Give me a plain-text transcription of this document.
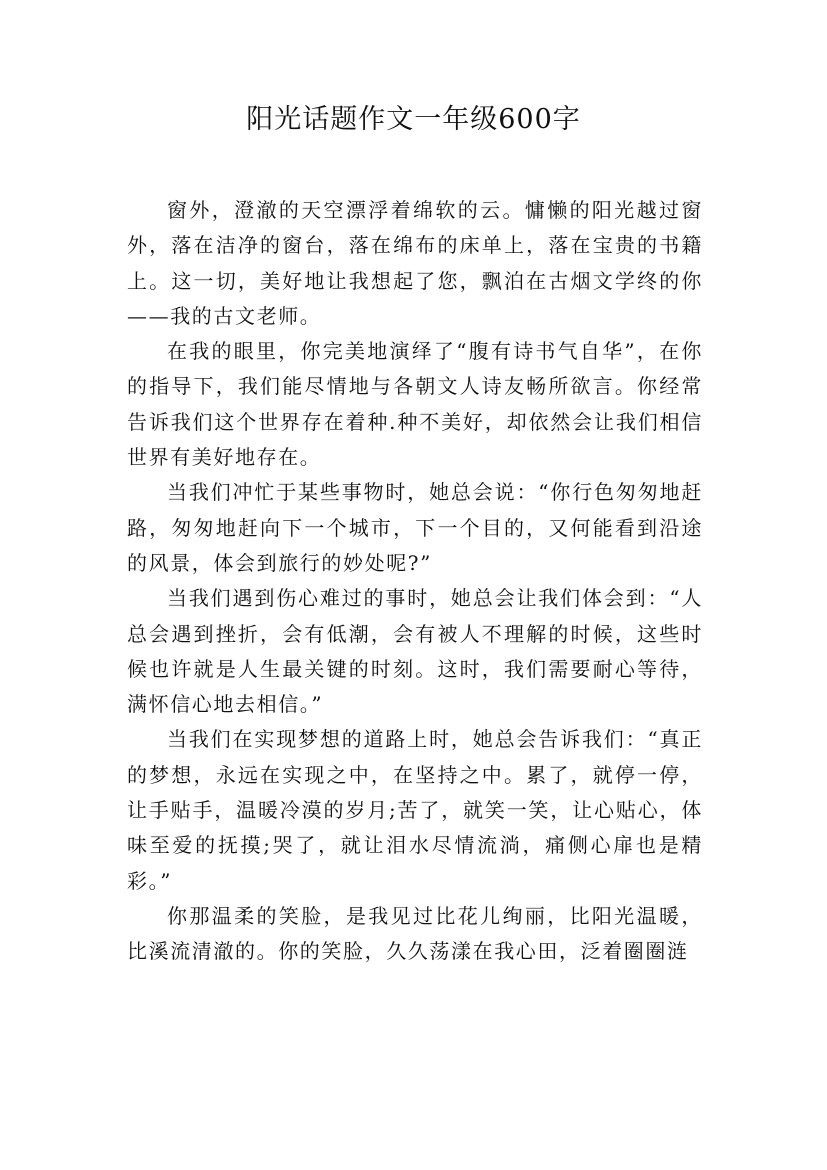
阳光话题作文一年级600字

窗外，澄澈的天空漂浮着绵软的云。慵懒的阳光越过窗外，落在洁净的窗台，落在绵布的床单上，落在宝贵的书籍上。这一切，美好地让我想起了您，飘泊在古烟文学终的你——我的古文老师。

在我的眼里，你完美地演绎了“腹有诗书气自华”，在你的指导下，我们能尽情地与各朝文人诗友畅所欲言。你经常告诉我们这个世界存在着种.种不美好，却依然会让我们相信世界有美好地存在。

当我们冲忙于某些事物时，她总会说：“你行色匆匆地赶路，匆匆地赶向下一个城市，下一个目的，又何能看到沿途的风景，体会到旅行的妙处呢?”

当我们遇到伤心难过的事时，她总会让我们体会到：“人总会遇到挫折，会有低潮，会有被人不理解的时候，这些时候也许就是人生最关键的时刻。这时，我们需要耐心等待，满怀信心地去相信。”

当我们在实现梦想的道路上时，她总会告诉我们：“真正的梦想，永远在实现之中，在坚持之中。累了，就停一停，让手贴手，温暖冷漠的岁月;苦了，就笑一笑，让心贴心，体味至爱的抚摸;哭了，就让泪水尽情流淌，痛侧心扉也是精彩。”

你那温柔的笑脸，是我见过比花儿绚丽，比阳光温暖，比溪流清澈的。你的笑脸，久久荡漾在我心田，泛着圈圈涟
